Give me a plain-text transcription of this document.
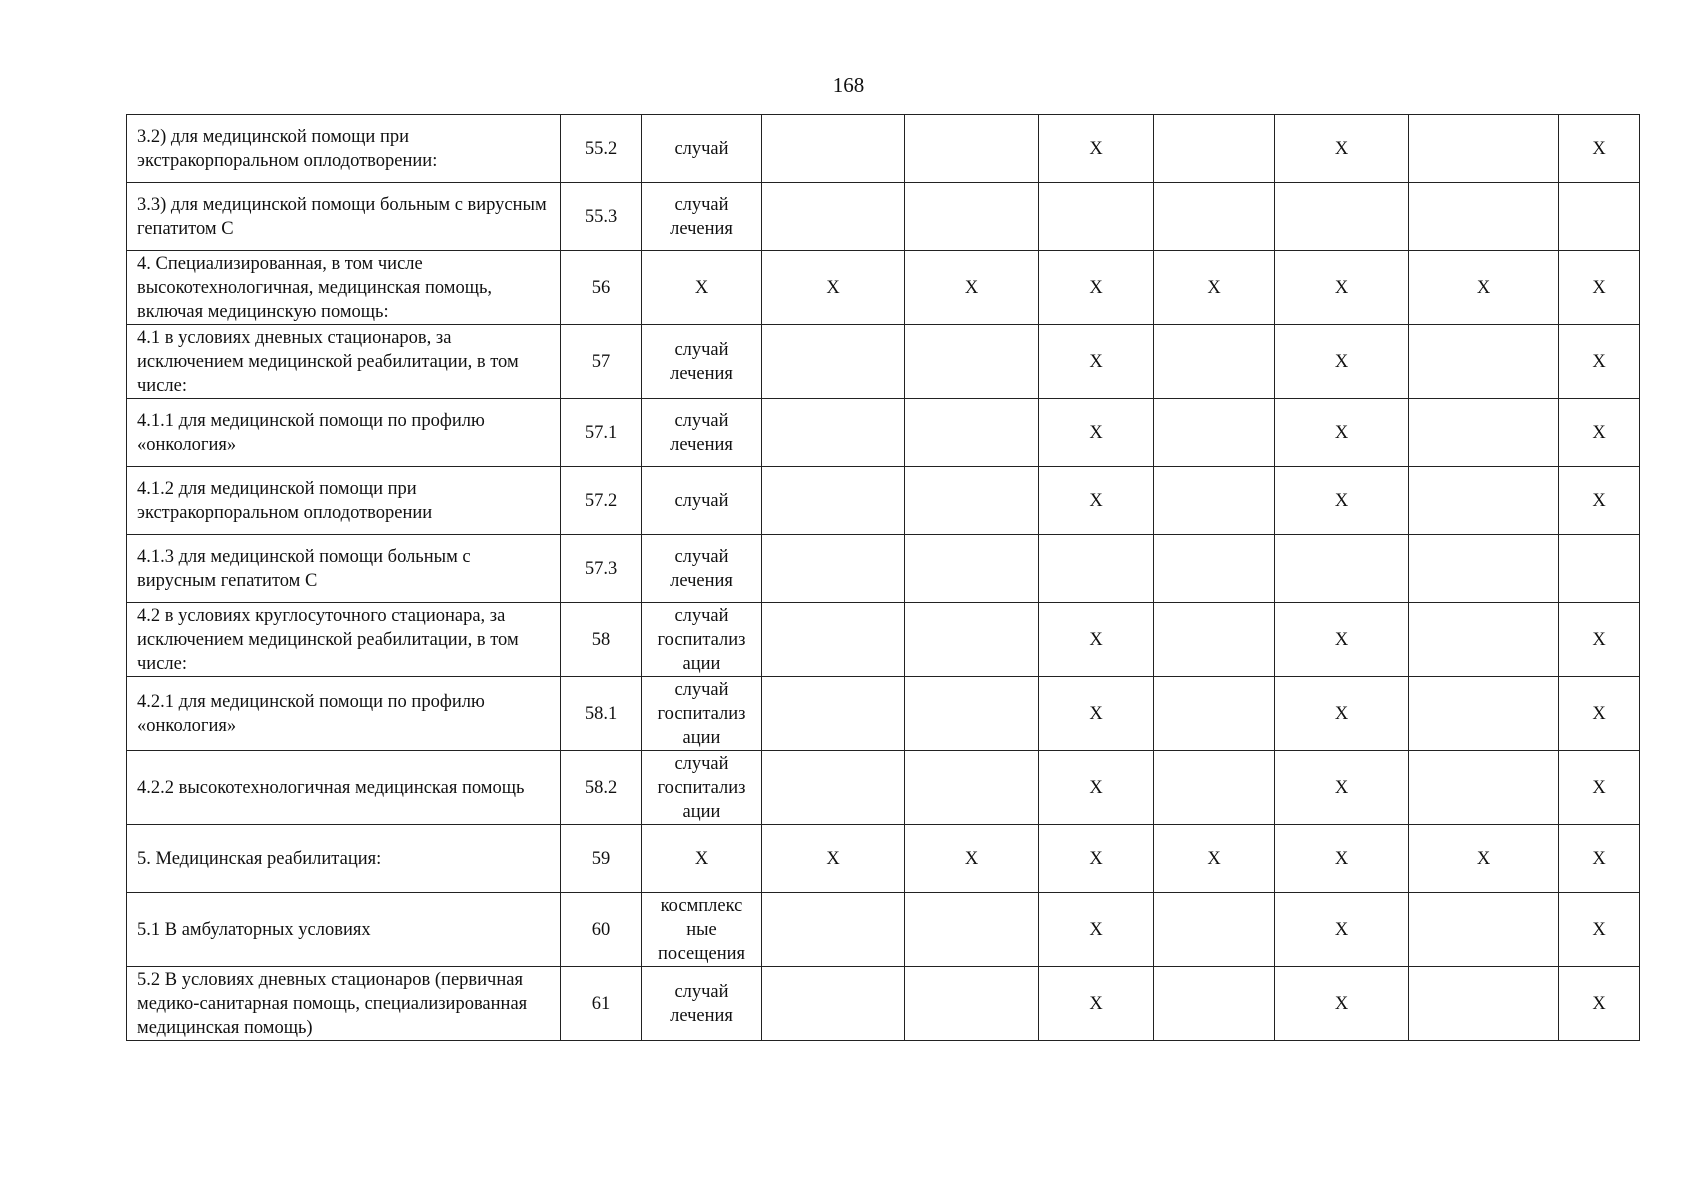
168
3.2) для медицинской помощи при экстракорпоральном оплодотворении:	55.2	случай			X		X		X
3.3) для медицинской помощи больным с вирусным гепатитом С	55.3	случай лечения							
4. Специализированная, в том числе высокотехнологичная, медицинская помощь, включая медицинскую помощь:	56	X	X	X	X	X	X	X	X
4.1 в условиях дневных стационаров, за исключением медицинской реабилитации, в том числе:	57	случай лечения			X		X		X
4.1.1 для медицинской помощи по профилю «онкология»	57.1	случай лечения			X		X		X
4.1.2 для медицинской помощи при экстракорпоральном оплодотворении	57.2	случай			X		X		X
4.1.3 для медицинской помощи больным с вирусным гепатитом С	57.3	случай лечения							
4.2 в условиях круглосуточного стационара, за исключением медицинской реабилитации, в том числе:	58	случай госпитализ ации			X		X		X
4.2.1 для медицинской помощи по профилю «онкология»	58.1	случай госпитализ ации			X		X		X
4.2.2 высокотехнологичная медицинская помощь	58.2	случай госпитализ ации			X		X		X
5. Медицинская реабилитация:	59	X	X	X	X	X	X	X	X
5.1 В амбулаторных условиях	60	космплекс ные посещения			X		X		X
5.2 В условиях дневных стационаров (первичная медико-санитарная помощь, специализированная медицинская помощь)	61	случай лечения			X		X		X
